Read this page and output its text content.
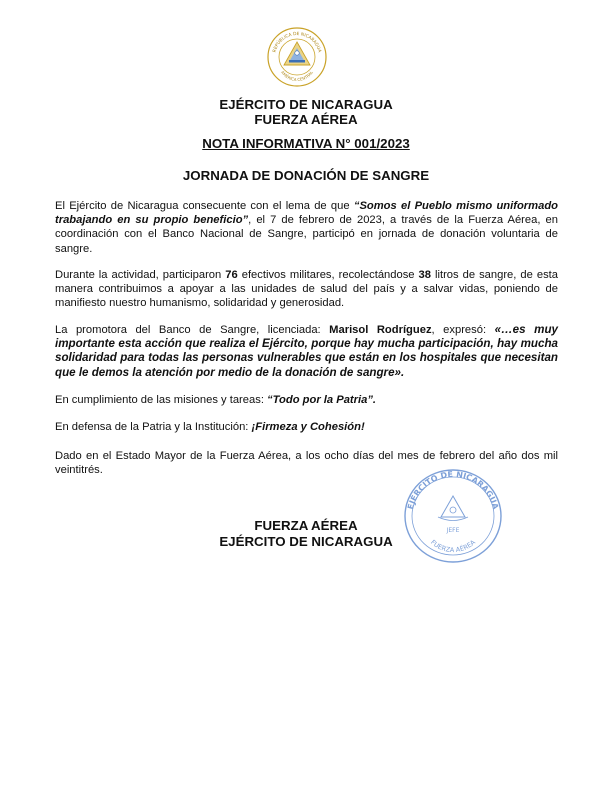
REPÚBLICA DE NICARAGUA
AMÉRICA CENTRAL
EJÉRCITO DE NICARAGUA
FUERZA AÉREA
NOTA INFORMATIVA N° 001/2023
JORNADA DE DONACIÓN DE SANGRE
El Ejército de Nicaragua consecuente con el lema de que “Somos el Pueblo mismo uniformado trabajando en su propio beneficio”, el 7 de febrero de 2023, a través de la Fuerza Aérea, en coordinación con el Banco Nacional de Sangre, participó en jornada de donación voluntaria de sangre.
Durante la actividad, participaron 76 efectivos militares, recolectándose 38 litros de sangre, de esta manera contribuimos a apoyar a las unidades de salud del país y a salvar vidas, poniendo de manifiesto nuestro humanismo, solidaridad y generosidad.
La promotora del Banco de Sangre, licenciada: Marisol Rodríguez, expresó: «…es muy importante esta acción que realiza el Ejército, porque hay mucha participación, hay mucha solidaridad para todas las personas vulnerables que están en los hospitales que necesitan que le demos la atención por medio de la donación de sangre».
En cumplimiento de las misiones y tareas: “Todo por la Patria”.
En defensa de la Patria y la Institución: ¡Firmeza y Cohesión!
Dado en el Estado Mayor de la Fuerza Aérea, a los ocho días del mes de febrero del año dos mil veintitrés.
EJÉRCITO DE NICARAGUA
FUERZA AÉREA
JEFE
FUERZA AÉREA
EJÉRCITO DE NICARAGUA
